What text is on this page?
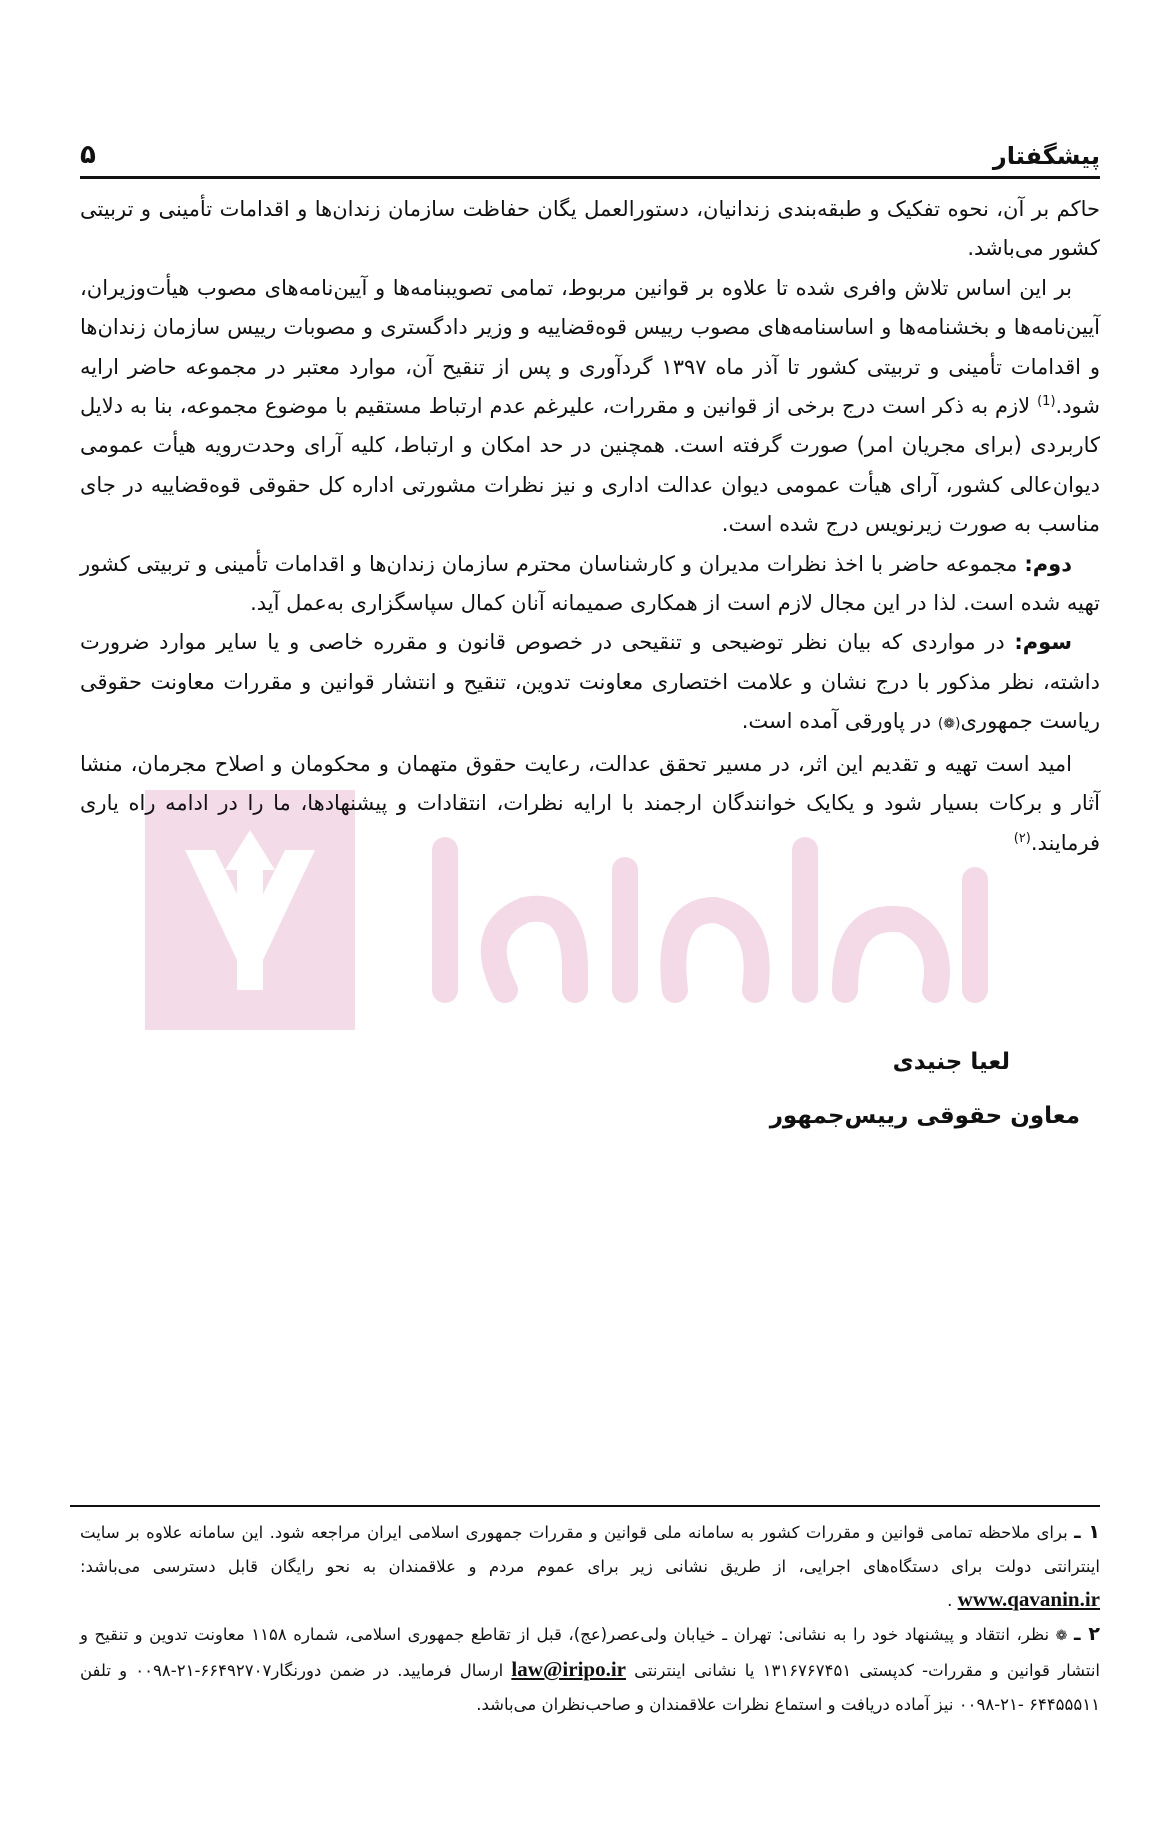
پیشگفتار
۵

حاکم بر آن، نحوه تفکیک و طبقه‌بندی زندانیان، دستورالعمل یگان حفاظت سازمان زندان‌ها و اقدامات تأمینی و تربیتی کشور می‌باشد.

بر این اساس تلاش وافری شده تا علاوه بر قوانین مربوط، تمامی تصویبنامه‌ها و آیین‌نامه‌های مصوب هیأت‌وزیران، آیین‌نامه‌ها و بخشنامه‌ها و اساسنامه‌های مصوب رییس قوه‌قضاییه و وزیر دادگستری و مصوبات رییس سازمان زندان‌ها و اقدامات تأمینی و تربیتی کشور تا آذر ماه ۱۳۹۷ گردآوری و پس از تنقیح آن، موارد معتبر در مجموعه حاضر ارایه شود.$^{(1)}$ لازم به ذکر است درج برخی از قوانین و مقررات، علیرغم عدم ارتباط مستقیم با موضوع مجموعه، بنا به دلایل کاربردی (برای مجریان امر) صورت گرفته است. همچنین در حد امکان و ارتباط، کلیه آرای وحدت‌رویه هیأت عمومی دیوان‌عالی کشور، آرای هیأت عمومی دیوان عدالت اداری و نیز نظرات مشورتی اداره کل حقوقی قوه‌قضاییه در جای مناسب به صورت زیرنویس درج شده است.

دوم: مجموعه حاضر با اخذ نظرات مدیران و کارشناسان محترم سازمان زندان‌ها و اقدامات تأمینی و تربیتی کشور تهیه شده است. لذا در این مجال لازم است از همکاری صمیمانه آنان کمال سپاسگزاری به‌عمل آید.

سوم: در مواردی که بیان نظر توضیحی و تنقیحی در خصوص قانون و مقرره خاصی و یا سایر موارد ضرورت داشته، نظر مذکور با درج نشان و علامت اختصاری معاونت تدوین، تنقیح و انتشار قوانین و مقررات معاونت حقوقی ریاست جمهوری(❁) در پاورقی آمده است.

امید است تهیه و تقدیم این اثر، در مسیر تحقق عدالت، رعایت حقوق متهمان و محکومان و اصلاح مجرمان، منشا آثار و برکات بسیار شود و یکایک خوانندگان ارجمند با ارایه نظرات، انتقادات و پیشنهادها، ما را در ادامه راه یاری فرمایند.$^{(۲)}$

لعیا جنیدی
معاون حقوقی رییس‌جمهور

۱ ـ برای ملاحظه تمامی قوانین و مقررات کشور به سامانه ملی قوانین و مقررات جمهوری اسلامی ایران مراجعه شود. این سامانه علاوه بر سایت اینترانتی دولت برای دستگاه‌های اجرایی، از طریق نشانی زیر برای عموم مردم و علاقمندان به نحو رایگان قابل دسترسی می‌باشد: www.qavanin.ir .

۲ ـ ❁ نظر، انتقاد و پیشنهاد خود را به نشانی: تهران ـ خیابان ولی‌عصر(عج)، قبل از تقاطع جمهوری اسلامی، شماره ۱۱۵۸ معاونت تدوین و تنقیح و انتشار قوانین و مقررات- کدپستی ۱۳۱۶۷۶۷۴۵۱ یا نشانی اینترنتی law@iripo.ir ارسال فرمایید. در ضمن دورنگار۶۶۴۹۲۷۰۷-۲۱-۰۰۹۸ و تلفن ۶۴۴۵۵۵۱۱ -۲۱-۰۰۹۸ نیز آماده دریافت و استماع نظرات علاقمندان و صاحب‌نظران می‌باشد.
